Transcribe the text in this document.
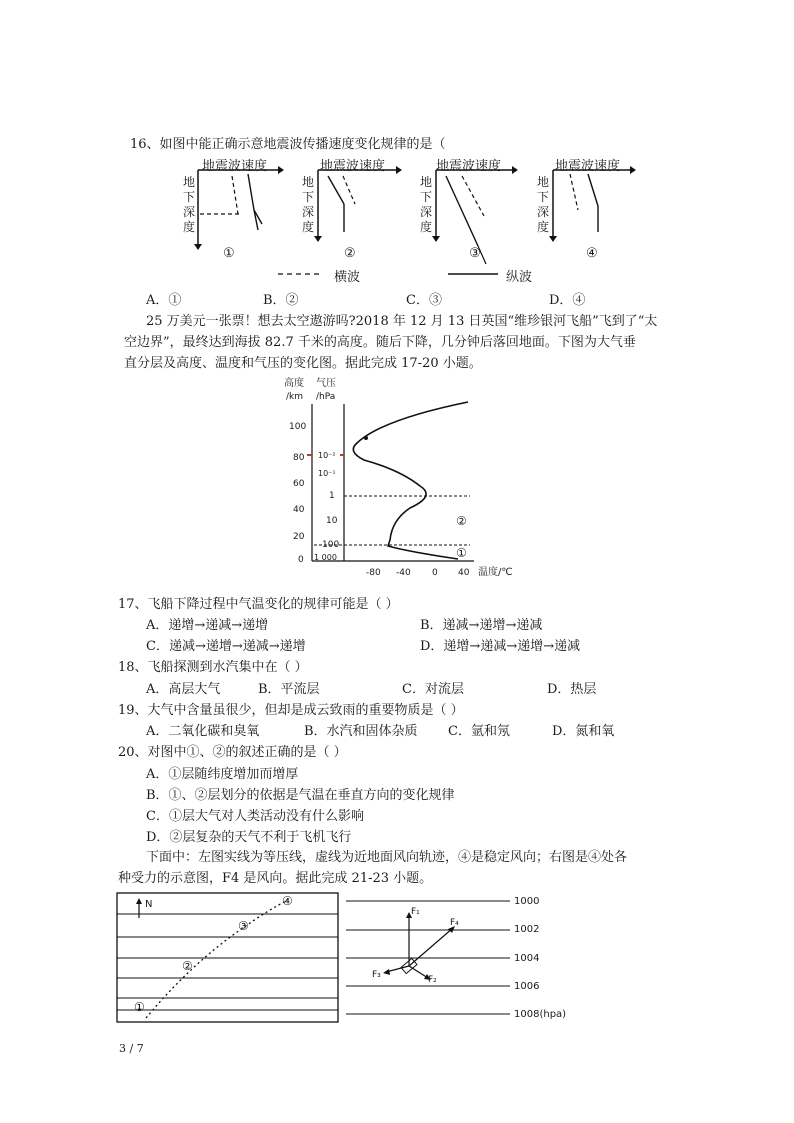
16、如图中能正确示意地震波传播速度变化规律的是（
地震波速度	地震波速度	地震波速度	地震波速度
地
下
深
度
地
下
深
度
地
下
深
度
地
下
深
度
①	②	③	④
横波	纵波
A．①	B．②	C．③	D．④
25 万美元一张票！想去太空遨游吗?2018 年 12 月 13 日英国“维珍银河飞船”飞到了“太
空边界”，最终达到海拔 82.7 千米的高度。随后下降，几分钟后落回地面。下图为大气垂
直分层及高度、温度和气压的变化图。据此完成 17-20 小题。
高度
/km
气压
/hPa
100
80
60
40
20
0
10⁻²
10⁻¹
1
10
100
1 000
-80 -40 0 40 温度/℃
②
①
17、飞船下降过程中气温变化的规律可能是（ ）
A．递增→递减→递增	B．递减→递增→递减
C．递减→递增→递减→递增	D．递增→递减→递增→递减
18、飞船探测到水汽集中在（ ）
A．高层大气	B．平流层	C．对流层	D．热层
19、大气中含量虽很少，但却是成云致雨的重要物质是（ ）
A．二氧化碳和臭氧	B．水汽和固体杂质 C．氩和氖	D．氮和氧
20、对图中①、②的叙述正确的是（ ）
A．①层随纬度增加而增厚
B．①、②层划分的依据是气温在垂直方向的变化规律
C．①层大气对人类活动没有什么影响
D．②层复杂的天气不利于飞机飞行
下面中：左图实线为等压线，虚线为近地面风向轨迹，④是稳定风向；右图是④处各
种受力的示意图，F4 是风向。据此完成 21-23 小题。
N	④
③
②
①
F₁
F₄
F₃	F₂
1000
1002
1004
1006
1008(hpa)
3 / 7
